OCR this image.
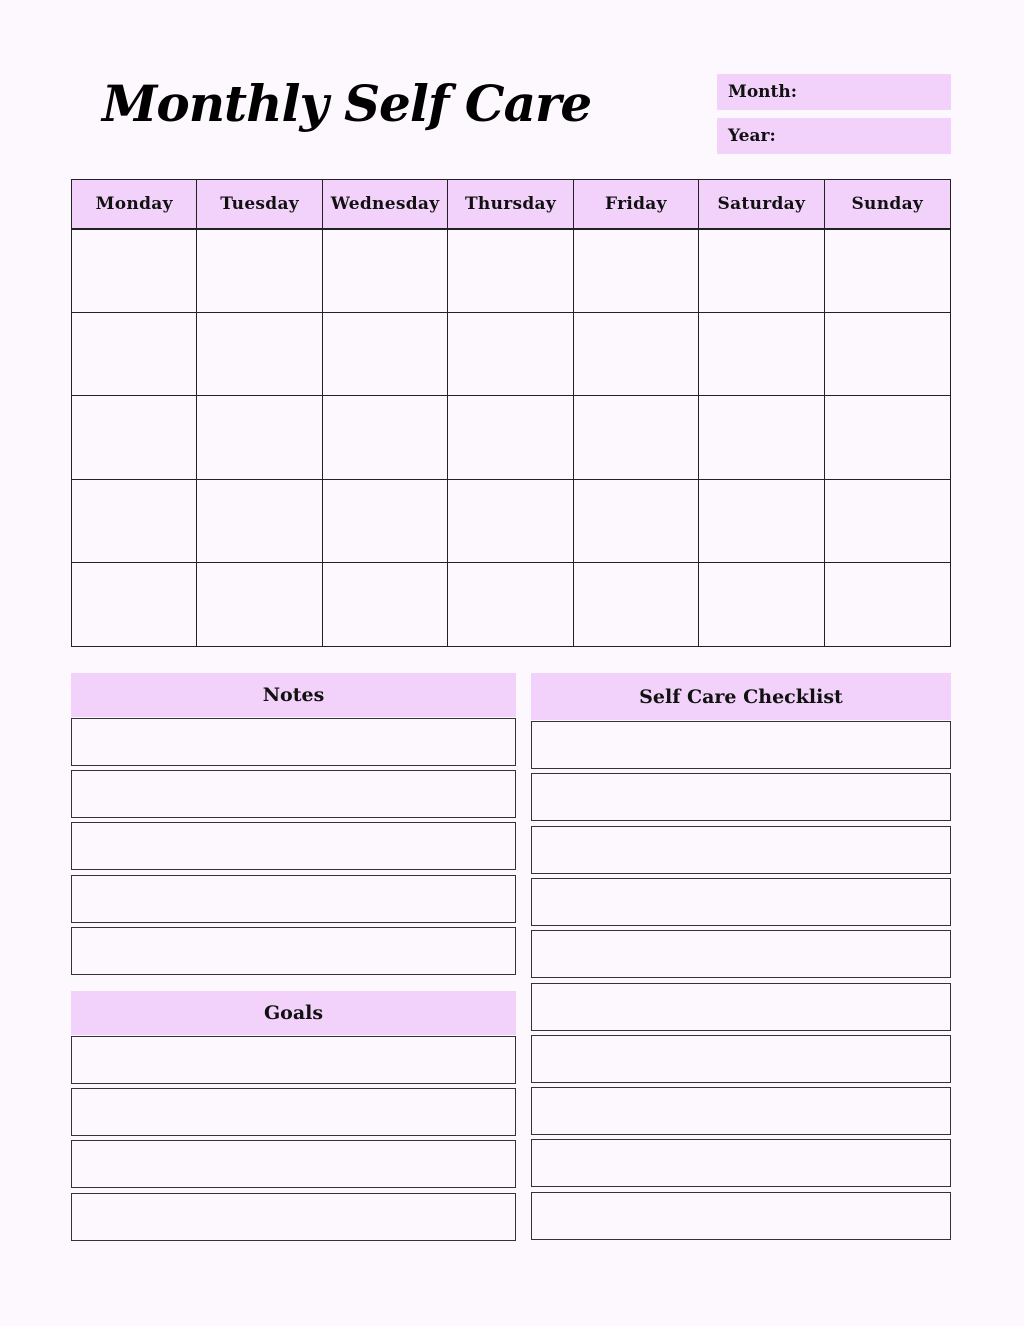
Monthly Self Care	Month:
Year:
Monday	Tuesday	Wednesday	Thursday	Friday	Saturday	Sunday
Notes
Goals
Self Care Checklist
